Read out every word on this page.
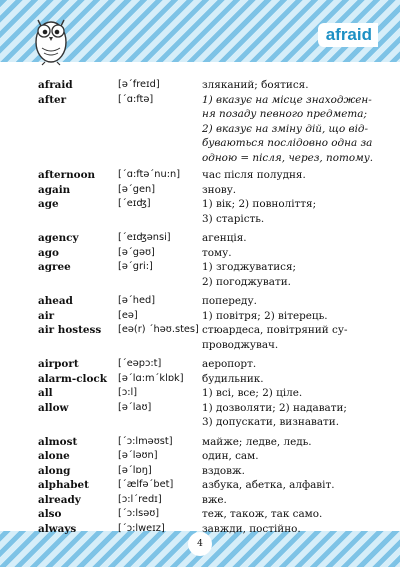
afraid
afraid	[ə´freɪd]	зляканий; боятися.
after	[´ɑ:ftə]	1) вказує на місце знаходжен-
ня позаду певного предмета;
2) вказує на зміну дій, що від-
буваються послідовно одна за
одною = після, через, потому.
afternoon	[´ɑ:ftə´nu:n]	час після полудня.
again	[ə´gen]	знову.
age	[´eɪʤ]	1) вік; 2) повноліття;
3) старість.
agency	[´eɪʤənsi]	агенція.
ago	[ə´gəʊ]	тому.
agree	[ə´gri:]	1) згоджуватися;
2) погоджувати.
ahead	[ə´hed]	попереду.
air	[eə]	1) повітря; 2) вітерець.
air hostess	[eə(r) ´həʊ.stes] стюардеса, повітряний су-
проводжувач.
airport	[´eəpɔ:t]	аеропорт.
alarm-clock	[ə´lɑ:m´klɒk]	будильник.
all	[ɔ:l]	1) всі, все; 2) ціле.
allow	[ə´laʊ]	1) дозволяти; 2) надавати;
3) допускати, визнавати.
almost	[´ɔ:lməʊst]	майже; ледве, ледь.
alone	[ə´ləʊn]	один, сам.
along	[ə´lɒŋ]	вздовж.
alphabet	[´ælfə´bet]	азбука, абетка, алфавіт.
already	[ɔ:l´redɪ]	вже.
also	[´ɔ:lsəʊ]	теж, також, так само.
always	[´ɔ:lweɪz]	завжди, постійно.
4
